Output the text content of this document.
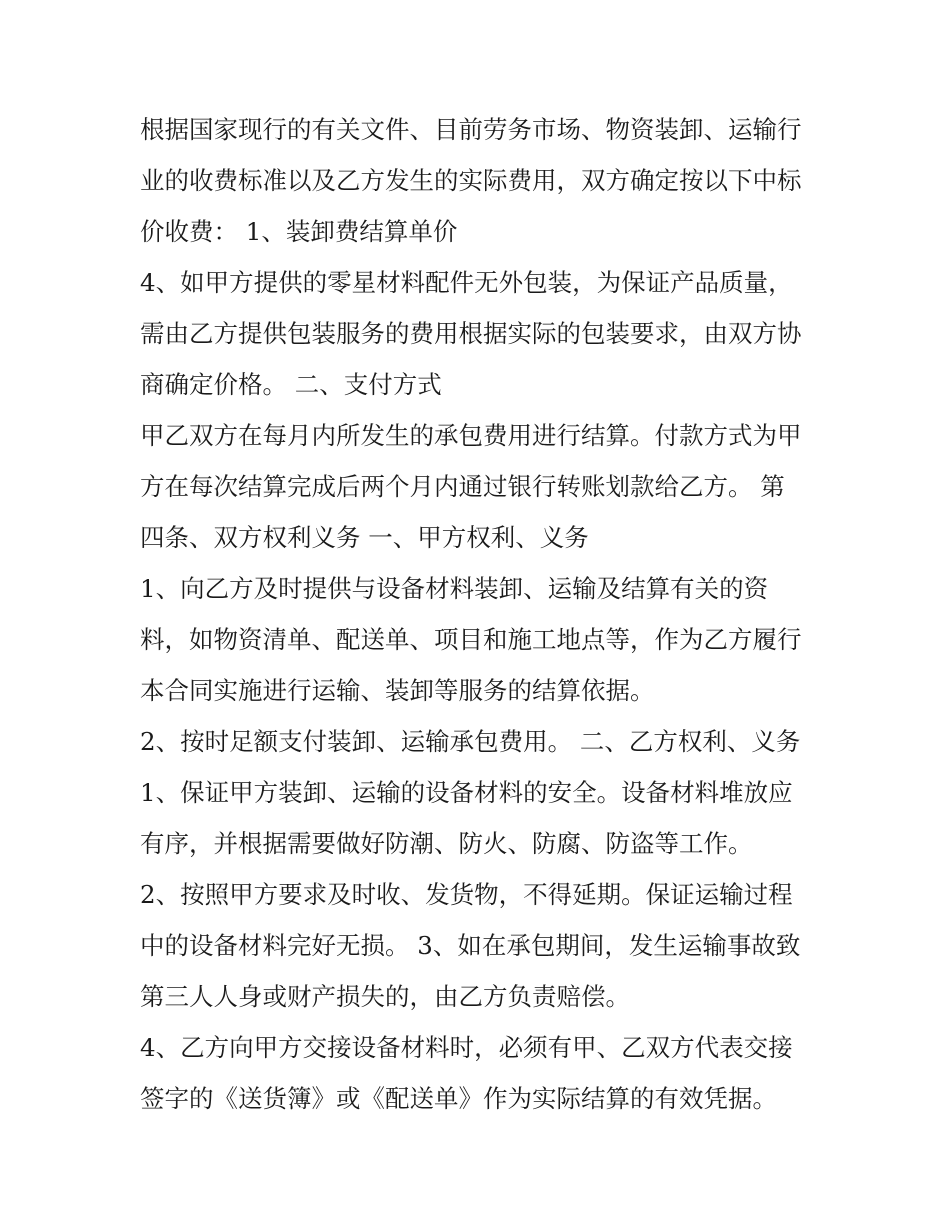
根据国家现行的有关文件、目前劳务市场、物资装卸、运输行
业的收费标准以及乙方发生的实际费用，双方确定按以下中标
价收费： 1、装卸费结算单价

4、如甲方提供的零星材料配件无外包装，为保证产品质量，
需由乙方提供包装服务的费用根据实际的包装要求，由双方协
商确定价格。 二、支付方式

甲乙双方在每月内所发生的承包费用进行结算。付款方式为甲
方在每次结算完成后两个月内通过银行转账划款给乙方。 第
四条、双方权利义务 一、甲方权利、义务

1、向乙方及时提供与设备材料装卸、运输及结算有关的资
料，如物资清单、配送单、项目和施工地点等，作为乙方履行
本合同实施进行运输、装卸等服务的结算依据。

2、按时足额支付装卸、运输承包费用。 二、乙方权利、义务

1、保证甲方装卸、运输的设备材料的安全。设备材料堆放应
有序，并根据需要做好防潮、防火、防腐、防盗等工作。

2、按照甲方要求及时收、发货物，不得延期。保证运输过程
中的设备材料完好无损。 3、如在承包期间，发生运输事故致
第三人人身或财产损失的，由乙方负责赔偿。

4、乙方向甲方交接设备材料时，必须有甲、乙双方代表交接
签字的《送货簿》或《配送单》作为实际结算的有效凭据。
